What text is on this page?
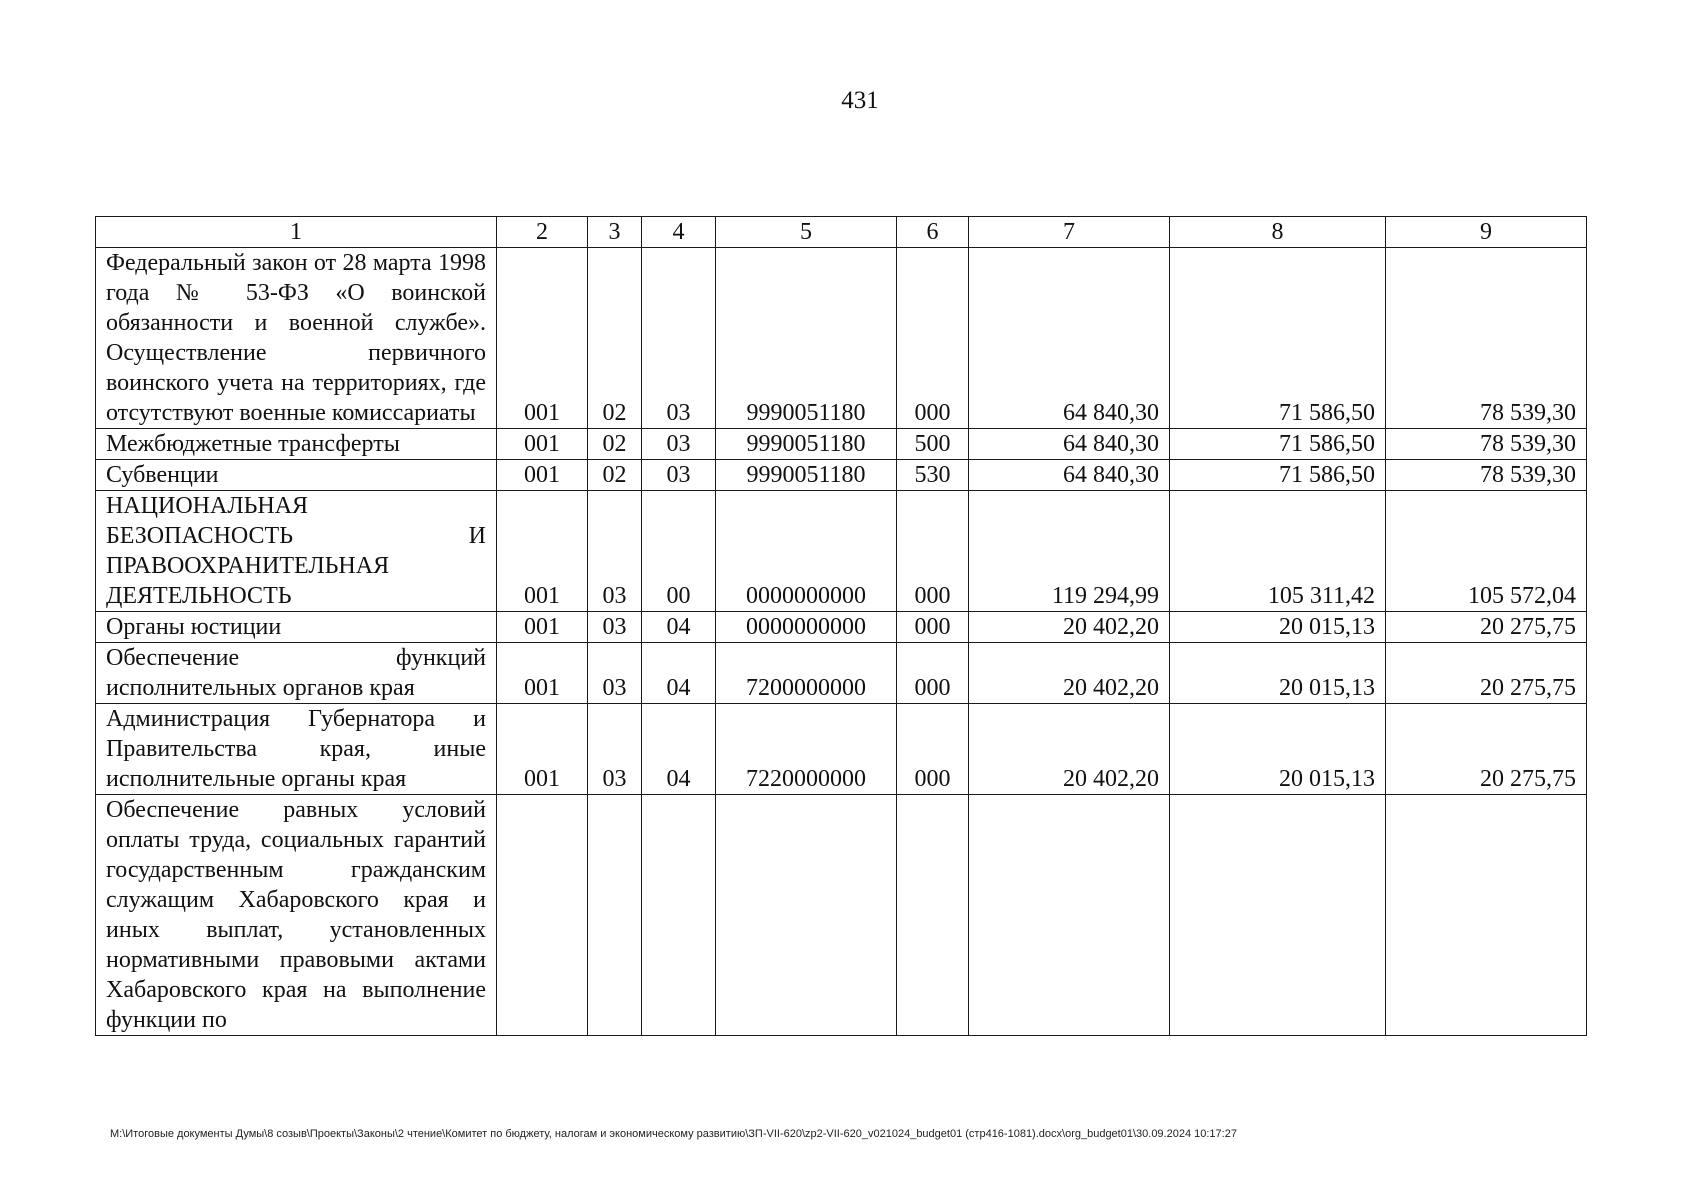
431
1	2	3	4	5	6	7	8	9
Федеральный закон от 28 марта 1998 года № 53-ФЗ «О воинской обязанности и военной службе». Осуществление первичного воинского учета на территориях, где отсутствуют военные комиссариаты	001	02	03	9990051180	000	64 840,30	71 586,50	78 539,30
Межбюджетные трансферты	001	02	03	9990051180	500	64 840,30	71 586,50	78 539,30
Субвенции	001	02	03	9990051180	530	64 840,30	71 586,50	78 539,30
НАЦИОНАЛЬНАЯ БЕЗОПАСНОСТЬ И ПРАВООХРАНИТЕЛЬНАЯ ДЕЯТЕЛЬНОСТЬ	001	03	00	0000000000	000	119 294,99	105 311,42	105 572,04
Органы юстиции	001	03	04	0000000000	000	20 402,20	20 015,13	20 275,75
Обеспечение функций исполнительных органов края	001	03	04	7200000000	000	20 402,20	20 015,13	20 275,75
Администрация Губернатора и Правительства края, иные исполнительные органы края	001	03	04	7220000000	000	20 402,20	20 015,13	20 275,75
Обеспечение равных условий оплаты труда, социальных гарантий государственным гражданским служащим Хабаровского края и иных выплат, установленных нормативными правовыми актами Хабаровского края на выполнение функции по								
M:\Итоговые документы Думы\8 созыв\Проекты\Законы\2 чтение\Комитет по бюджету, налогам и экономическому развитию\ЗП-VII-620\zp2-VII-620_v021024_budget01 (стр416-1081).docx\org_budget01\30.09.2024 10:17:27
